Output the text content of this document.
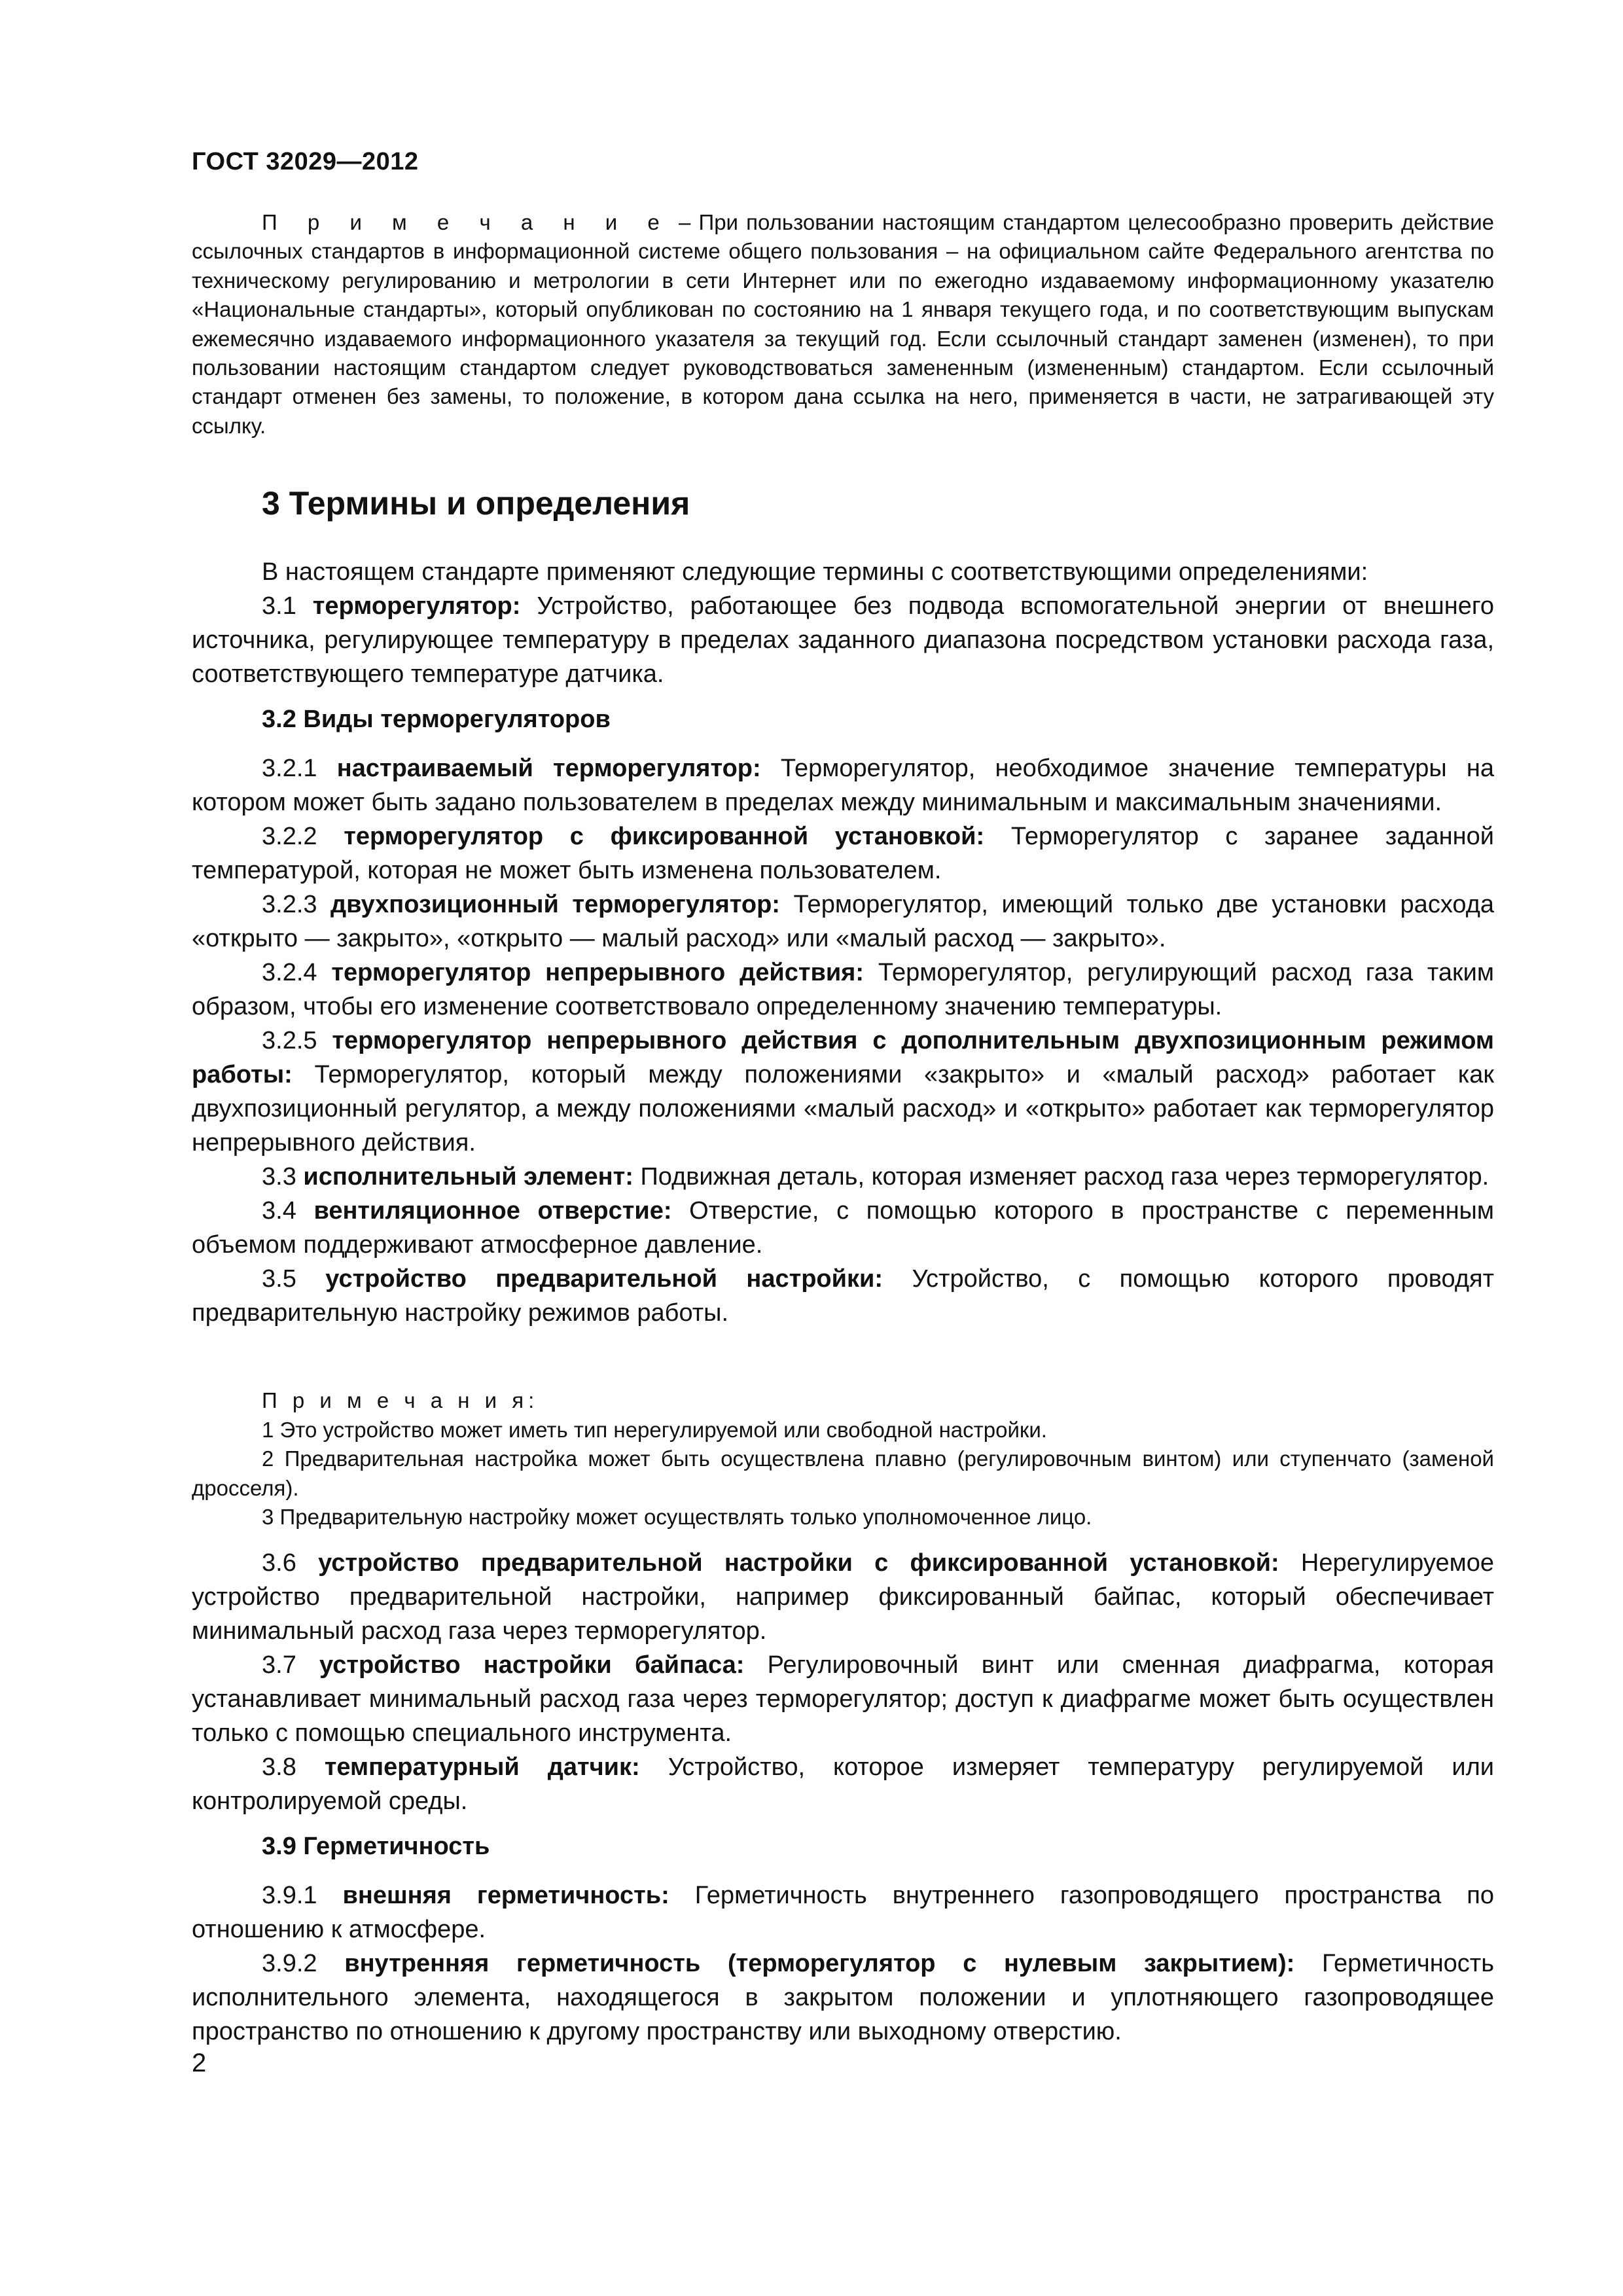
ГОСТ 32029—2012

П р и м е ч а н и е – При пользовании настоящим стандартом целесообразно проверить действие ссылочных стандартов в информационной системе общего пользования – на официальном сайте Федерального агентства по техническому регулированию и метрологии в сети Интернет или по ежегодно издаваемому информационному указателю «Национальные стандарты», который опубликован по состоянию на 1 января текущего года, и по соответствующим выпускам ежемесячно издаваемого информационного указателя за текущий год. Если ссылочный стандарт заменен (изменен), то при пользовании настоящим стандартом следует руководствоваться замененным (измененным) стандартом. Если ссылочный стандарт отменен без замены, то положение, в котором дана ссылка на него, применяется в части, не затрагивающей эту ссылку.

3 Термины и определения

В настоящем стандарте применяют следующие термины с соответствующими определениями:

3.1 терморегулятор: Устройство, работающее без подвода вспомогательной энергии от внешнего источника, регулирующее температуру в пределах заданного диапазона посредством установки расхода газа, соответствующего температуре датчика.

3.2 Виды терморегуляторов

3.2.1 настраиваемый терморегулятор: Терморегулятор, необходимое значение температуры на котором может быть задано пользователем в пределах между минимальным и максимальным значениями.

3.2.2 терморегулятор с фиксированной установкой: Терморегулятор с заранее заданной температурой, которая не может быть изменена пользователем.

3.2.3 двухпозиционный терморегулятор: Терморегулятор, имеющий только две установки расхода «открыто — закрыто», «открыто — малый расход» или «малый расход — закрыто».

3.2.4 терморегулятор непрерывного действия: Терморегулятор, регулирующий расход газа таким образом, чтобы его изменение соответствовало определенному значению температуры.

3.2.5 терморегулятор непрерывного действия с дополнительным двухпозиционным режимом работы: Терморегулятор, который между положениями «закрыто» и «малый расход» работает как двухпозиционный регулятор, а между положениями «малый расход» и «открыто» работает как терморегулятор непрерывного действия.

3.3 исполнительный элемент: Подвижная деталь, которая изменяет расход газа через терморегулятор.

3.4 вентиляционное отверстие: Отверстие, с помощью которого в пространстве с переменным объемом поддерживают атмосферное давление.

3.5 устройство предварительной настройки: Устройство, с помощью которого проводят предварительную настройку режимов работы.

П р и м е ч а н и я:

1 Это устройство может иметь тип нерегулируемой или свободной настройки.

2 Предварительная настройка может быть осуществлена плавно (регулировочным винтом) или ступенчато (заменой дросселя).

3 Предварительную настройку может осуществлять только уполномоченное лицо.

3.6 устройство предварительной настройки с фиксированной установкой: Нерегулируемое устройство предварительной настройки, например фиксированный байпас, который обеспечивает минимальный расход газа через терморегулятор.

3.7 устройство настройки байпаса: Регулировочный винт или сменная диафрагма, которая устанавливает минимальный расход газа через терморегулятор; доступ к диафрагме может быть осуществлен только с помощью специального инструмента.

3.8 температурный датчик: Устройство, которое измеряет температуру регулируемой или контролируемой среды.

3.9 Герметичность

3.9.1 внешняя герметичность: Герметичность внутреннего газопроводящего пространства по отношению к атмосфере.

3.9.2 внутренняя герметичность (терморегулятор с нулевым закрытием): Герметичность исполнительного элемента, находящегося в закрытом положении и уплотняющего газопроводящее пространство по отношению к другому пространству или выходному отверстию.

2
